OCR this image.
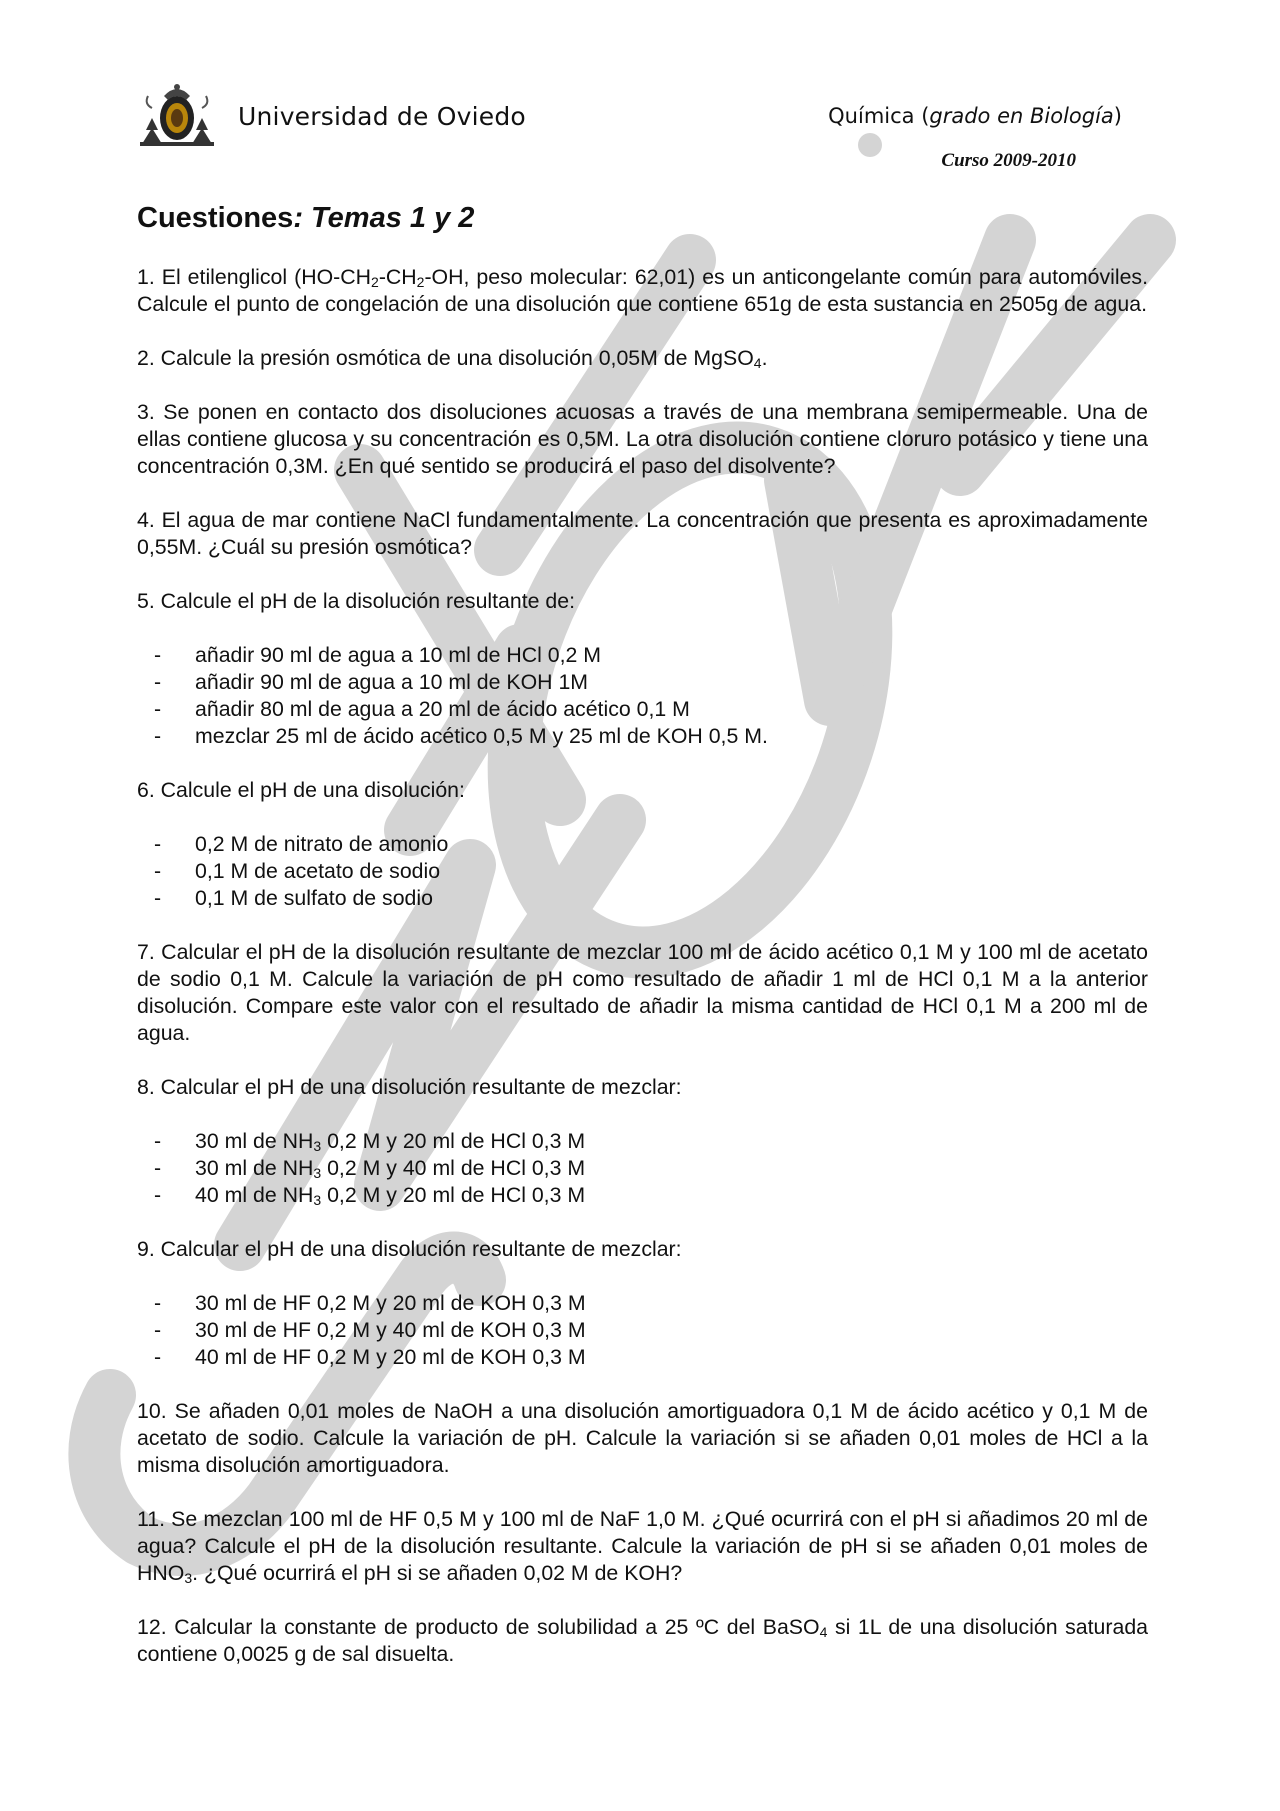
Universidad de Oviedo	Química (grado en Biología)
Curso 2009-2010
Cuestiones: Temas 1 y 2

1. El etilenglicol ($HO-CH_2-CH_2-OH$, peso molecular: 62,01) es un anticongelante común para automóviles. Calcule el punto de congelación de una disolución que contiene 651g de esta sustancia en 2505g de agua.

2. Calcule la presión osmótica de una disolución 0,05M de MgSO$_4$.

3. Se ponen en contacto dos disoluciones acuosas a través de una membrana semipermeable. Una de ellas contiene glucosa y su concentración es 0,5M. La otra disolución contiene cloruro potásico y tiene una concentración 0,3M. ¿En qué sentido se producirá el paso del disolvente?

4. El agua de mar contiene NaCl fundamentalmente. La concentración que presenta es aproximadamente 0,55M. ¿Cuál su presión osmótica?

5. Calcule el pH de la disolución resultante de:

- añadir 90 ml de agua a 10 ml de HCl 0,2 M
- añadir 90 ml de agua a 10 ml de KOH 1M
- añadir 80 ml de agua a 20 ml de ácido acético 0,1 M
- mezclar 25 ml de ácido acético 0,5 M y 25 ml de KOH 0,5 M.

6. Calcule el pH de una disolución:

- 0,2 M de nitrato de amonio
- 0,1 M de acetato de sodio
- 0,1 M de sulfato de sodio

7. Calcular el pH de la disolución resultante de mezclar 100 ml de ácido acético 0,1 M y 100 ml de acetato de sodio 0,1 M. Calcule la variación de pH como resultado de añadir 1 ml de HCl 0,1 M a la anterior disolución. Compare este valor con el resultado de añadir la misma cantidad de HCl 0,1 M a 200 ml de agua.

8. Calcular el pH de una disolución resultante de mezclar:

- 30 ml de $NH_3$ 0,2 M y 20 ml de HCl 0,3 M
- 30 ml de $NH_3$ 0,2 M y 40 ml de HCl 0,3 M
- 40 ml de $NH_3$ 0,2 M y 20 ml de HCl 0,3 M

9. Calcular el pH de una disolución resultante de mezclar:

- 30 ml de HF 0,2 M y 20 ml de KOH 0,3 M
- 30 ml de HF 0,2 M y 40 ml de KOH 0,3 M
- 40 ml de HF 0,2 M y 20 ml de KOH 0,3 M

10. Se añaden 0,01 moles de NaOH a una disolución amortiguadora 0,1 M de ácido acético y 0,1 M de acetato de sodio. Calcule la variación de pH. Calcule la variación si se añaden 0,01 moles de HCl a la misma disolución amortiguadora.

11. Se mezclan 100 ml de HF 0,5 M y 100 ml de NaF 1,0 M. ¿Qué ocurrirá con el pH si añadimos 20 ml de agua? Calcule el pH de la disolución resultante. Calcule la variación de pH si se añaden 0,01 moles de $HNO_3$. ¿Qué ocurrirá el pH si se añaden 0,02 M de KOH?

12. Calcular la constante de producto de solubilidad a 25 ºC del BaSO$_4$ si 1L de una disolución saturada contiene 0,0025 g de sal disuelta.
